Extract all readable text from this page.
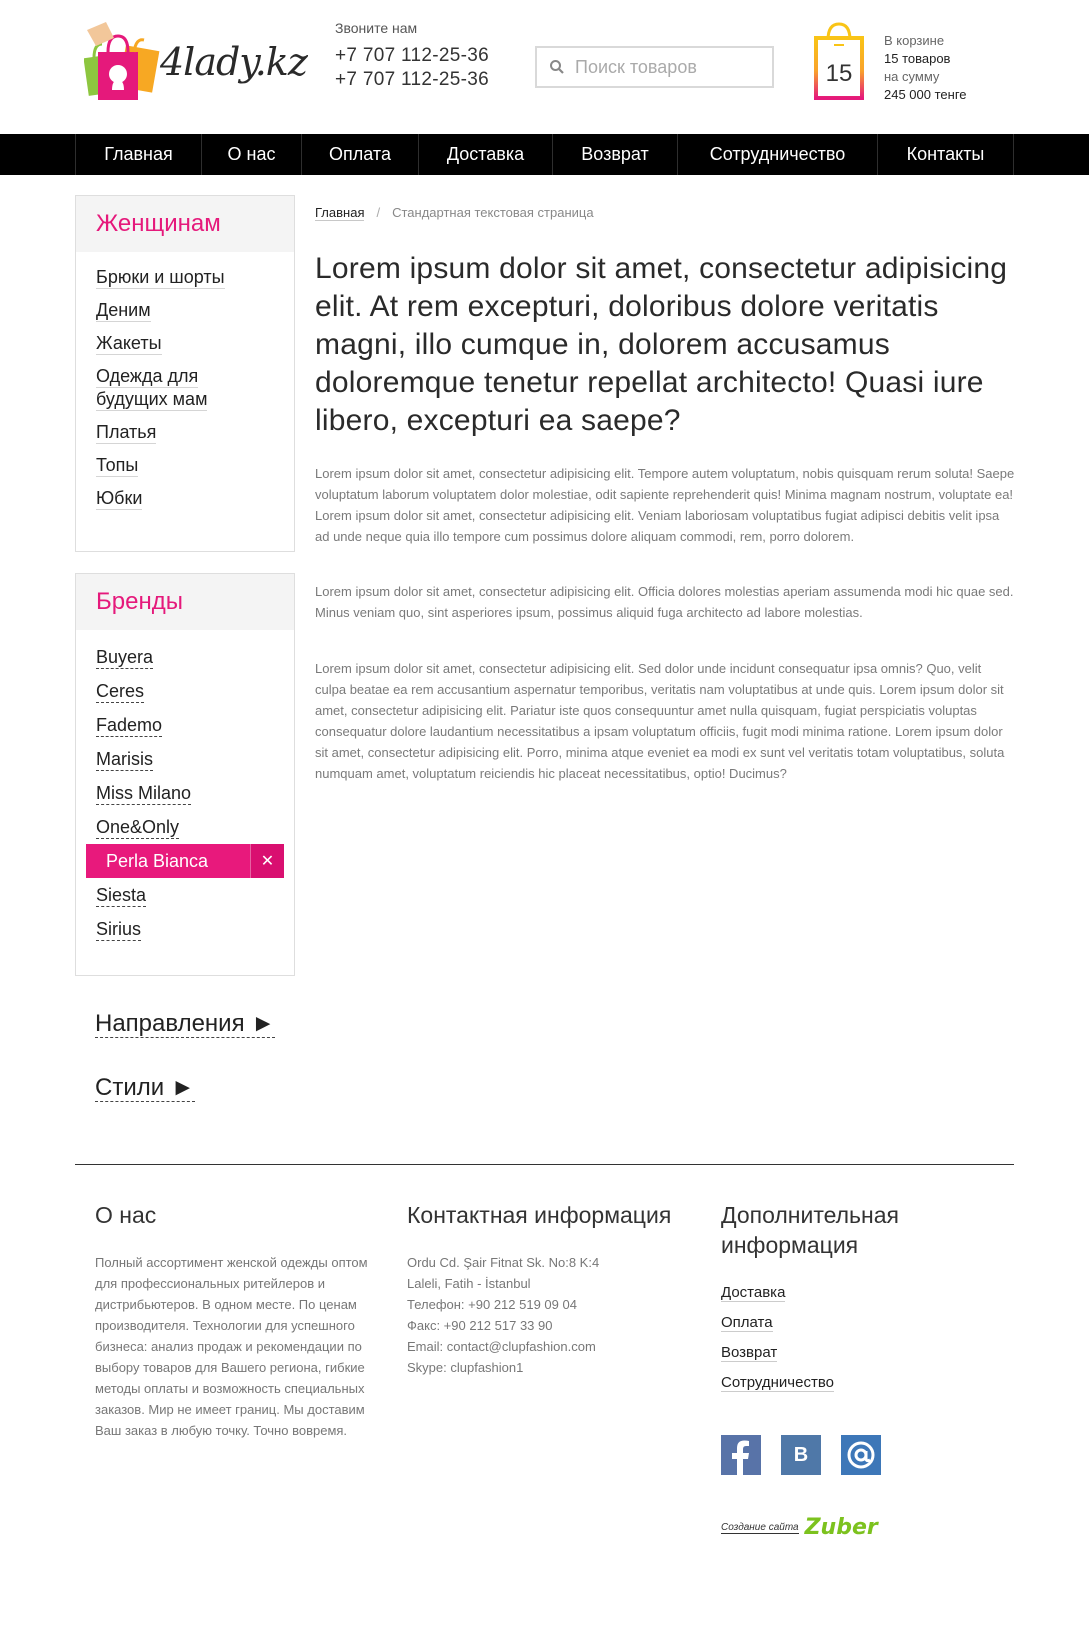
4lady.kz
Звоните нам
+7 707 112-25-36
+7 707 112-25-36
Поиск товаров	15
В корзине
15 товаров
на сумму
245 000 тенге
Главная	О нас	Оплата	Доставка	Возврат	Сотрудничество	Контакты
Женщинам
Брюки и шорты
Деним
Жакеты
Одежда для будущих мам
Платья
Топы
Юбки
Бренды
Buyera
Ceres
Fademo
Marisis
Miss Milano
One&Only
Perla Bianca	✕
Siesta
Sirius
Направления ►
Стили ►
Главная / Стандартная текстовая страница
Lorem ipsum dolor sit amet, consectetur adipisicing elit. At rem excepturi, doloribus dolore veritatis magni, illo cumque in, dolorem accusamus doloremque tenetur repellat architecto! Quasi iure libero, excepturi ea saepe?
Lorem ipsum dolor sit amet, consectetur adipisicing elit. Tempore autem voluptatum, nobis quisquam rerum soluta! Saepe voluptatum laborum voluptatem dolor molestiae, odit sapiente reprehenderit quis! Minima magnam nostrum, voluptate ea! Lorem ipsum dolor sit amet, consectetur adipisicing elit. Veniam laboriosam voluptatibus fugiat adipisci debitis velit ipsa ad unde neque quia illo tempore cum possimus dolore aliquam commodi, rem, porro dolorem.
Lorem ipsum dolor sit amet, consectetur adipisicing elit. Officia dolores molestias aperiam assumenda modi hic quae sed. Minus veniam quo, sint asperiores ipsum, possimus aliquid fuga architecto ad labore molestias.
Lorem ipsum dolor sit amet, consectetur adipisicing elit. Sed dolor unde incidunt consequatur ipsa omnis? Quo, velit culpa beatae ea rem accusantium aspernatur temporibus, veritatis nam voluptatibus at unde quis. Lorem ipsum dolor sit amet, consectetur adipisicing elit. Pariatur iste quos consequuntur amet nulla quisquam, fugiat perspiciatis voluptas consequatur dolore laudantium necessitatibus a ipsam voluptatum officiis, fugit modi minima ratione. Lorem ipsum dolor sit amet, consectetur adipisicing elit. Porro, minima atque eveniet ea modi ex sunt vel veritatis totam voluptatibus, soluta numquam amet, voluptatum reiciendis hic placeat necessitatibus, optio! Ducimus?
О нас
Полный ассортимент женской одежды оптом для профессиональных ритейлеров и дистрибьютеров. В одном месте. По ценам производителя. Технологии для успешного бизнеса: анализ продаж и рекомендации по выбору товаров для Вашего региона, гибкие методы оплаты и возможность специальных заказов. Мир не имеет границ. Мы доставим Ваш заказ в любую точку. Точно вовремя.
Контактная информация
Ordu Cd. Şair Fitnat Sk. No:8 K:4
Laleli, Fatih - İstanbul
Телефон: +90 212 519 09 04
Факс: +90 212 517 33 90
Email: contact@clupfashion.com
Skype: clupfashion1
Дополнительная информация
Доставка
Оплата
Возврат
Сотрудничество
В
Создание сайта Zuber
